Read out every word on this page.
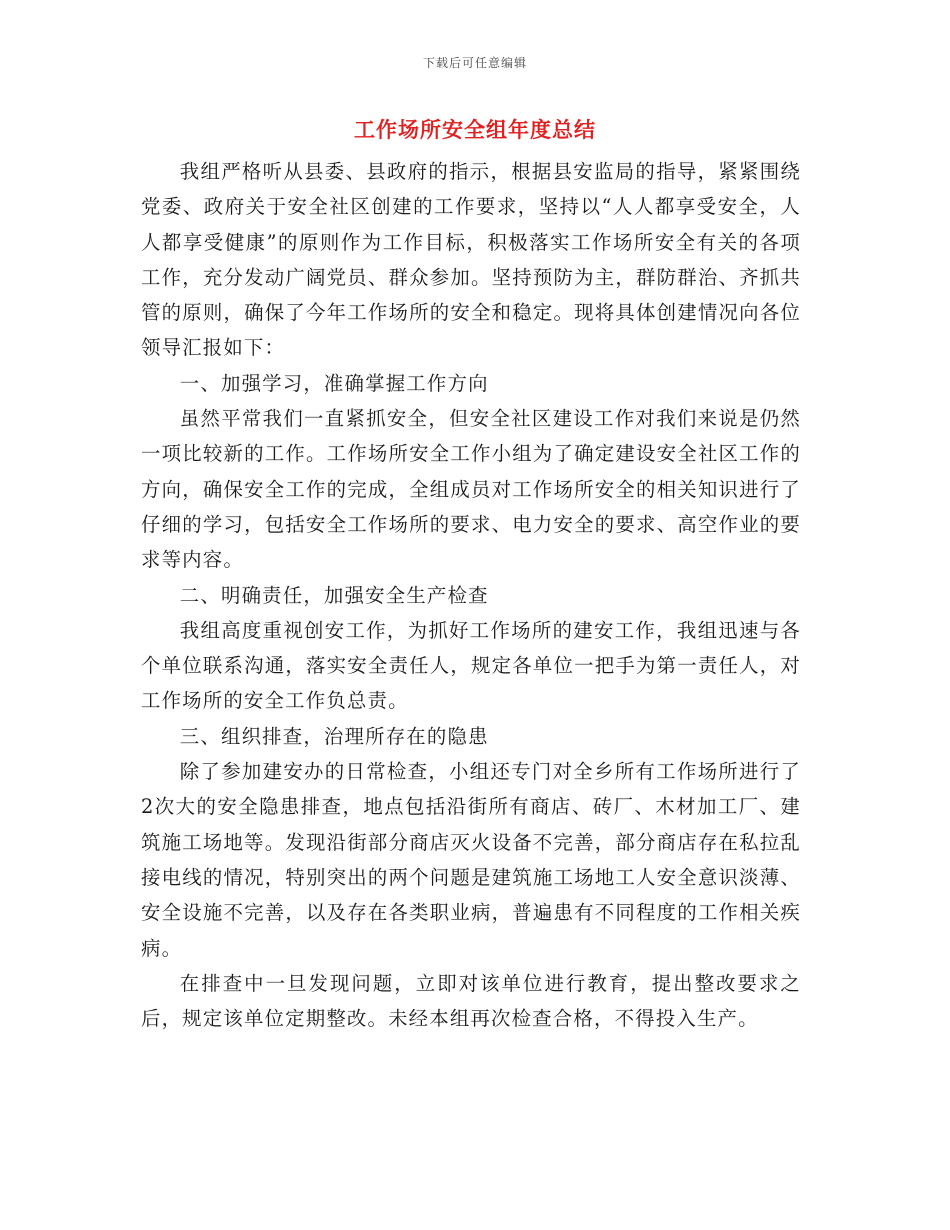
下载后可任意编辑
工作场所安全组年度总结

我组严格听从县委、县政府的指示，根据县安监局的指导，紧紧围绕党委、政府关于安全社区创建的工作要求，坚持以“人人都享受安全，人人都享受健康”的原则作为工作目标，积极落实工作场所安全有关的各项工作，充分发动广阔党员、群众参加。坚持预防为主，群防群治、齐抓共管的原则，确保了今年工作场所的安全和稳定。现将具体创建情况向各位领导汇报如下：

一、加强学习，准确掌握工作方向

虽然平常我们一直紧抓安全，但安全社区建设工作对我们来说是仍然一项比较新的工作。工作场所安全工作小组为了确定建设安全社区工作的方向，确保安全工作的完成，全组成员对工作场所安全的相关知识进行了仔细的学习，包括安全工作场所的要求、电力安全的要求、高空作业的要求等内容。

二、明确责任，加强安全生产检查

我组高度重视创安工作，为抓好工作场所的建安工作，我组迅速与各个单位联系沟通，落实安全责任人，规定各单位一把手为第一责任人，对工作场所的安全工作负总责。

三、组织排查，治理所存在的隐患

除了参加建安办的日常检查，小组还专门对全乡所有工作场所进行了2次大的安全隐患排查，地点包括沿街所有商店、砖厂、木材加工厂、建筑施工场地等。发现沿街部分商店灭火设备不完善，部分商店存在私拉乱接电线的情况，特别突出的两个问题是建筑施工场地工人安全意识淡薄、安全设施不完善，以及存在各类职业病，普遍患有不同程度的工作相关疾病。

在排查中一旦发现问题，立即对该单位进行教育，提出整改要求之后，规定该单位定期整改。未经本组再次检查合格，不得投入生产。
